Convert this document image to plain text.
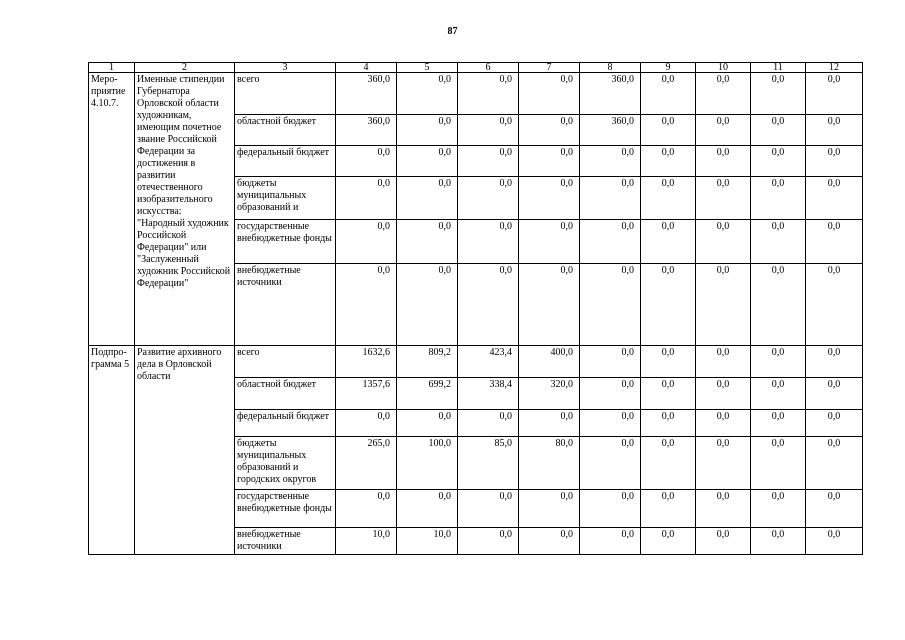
87
1	2	3	4	5	6	7	8	9	10	11	12
Меро-приятие 4.10.7.	Именные стипендии Губернатора Орловской области художникам, имеющим почетное звание Российской Федерации за достижения в развитии отечественного изобразительного искусства: "Народный художник Российской Федерации" или "Заслуженный художник Российской Федерации"	всего	360,0	0,0	0,0	0,0	360,0	0,0	0,0	0,0	0,0
		областной бюджет	360,0	0,0	0,0	0,0	360,0	0,0	0,0	0,0	0,0
		федеральный бюджет	0,0	0,0	0,0	0,0	0,0	0,0	0,0	0,0	0,0
		бюджеты муниципальных образований и	0,0	0,0	0,0	0,0	0,0	0,0	0,0	0,0	0,0
		государственные внебюджетные фонды	0,0	0,0	0,0	0,0	0,0	0,0	0,0	0,0	0,0
		внебюджетные источники	0,0	0,0	0,0	0,0	0,0	0,0	0,0	0,0	0,0
Подпро-грамма 5	Развитие архивного дела в Орловской области	всего	1632,6	809,2	423,4	400,0	0,0	0,0	0,0	0,0	0,0
		областной бюджет	1357,6	699,2	338,4	320,0	0,0	0,0	0,0	0,0	0,0
		федеральный бюджет	0,0	0,0	0,0	0,0	0,0	0,0	0,0	0,0	0,0
		бюджеты муниципальных образований и городских округов	265,0	100,0	85,0	80,0	0,0	0,0	0,0	0,0	0,0
		государственные внебюджетные фонды	0,0	0,0	0,0	0,0	0,0	0,0	0,0	0,0	0,0
		внебюджетные источники	10,0	10,0	0,0	0,0	0,0	0,0	0,0	0,0	0,0
